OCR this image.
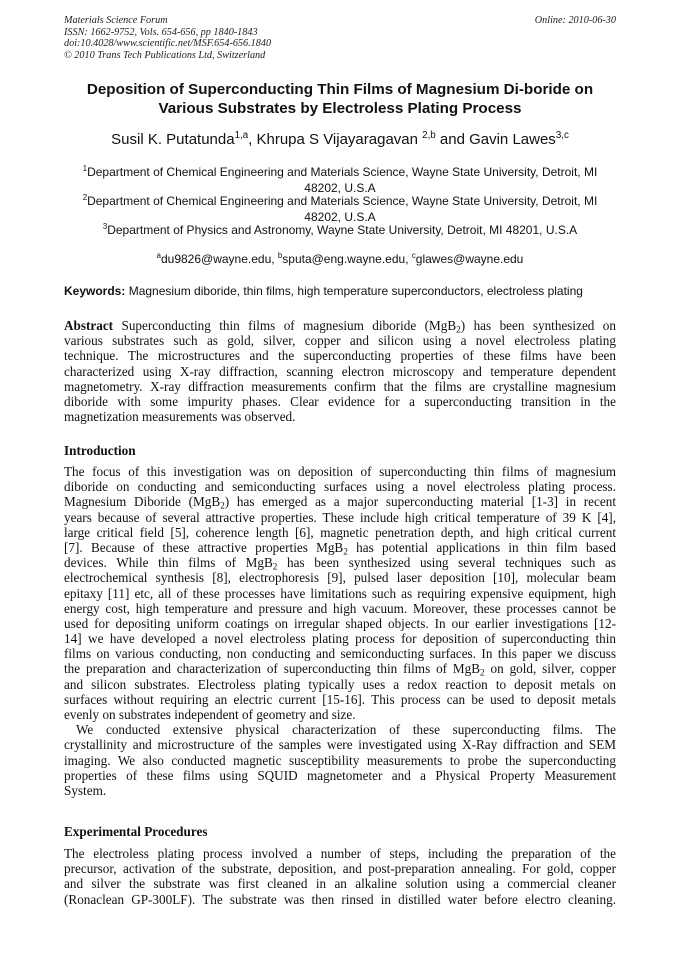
Materials Science Forum
ISSN: 1662-9752, Vols. 654-656, pp 1840-1843
doi:10.4028/www.scientific.net/MSF.654-656.1840
© 2010 Trans Tech Publications Ltd, Switzerland
Online: 2010-06-30
Deposition of Superconducting Thin Films of Magnesium Di-boride on
Various Substrates by Electroless Plating Process
Susil K. Putatunda$^{1,a}$, Khrupa S Vijayaragavan $^{2,b}$ and Gavin Lawes$^{3,c}$
$^1$Department of Chemical Engineering and Materials Science, Wayne State University, Detroit, MI
48202, U.S.A
$^2$Department of Chemical Engineering and Materials Science, Wayne State University, Detroit, MI
48202, U.S.A
$^3$Department of Physics and Astronomy, Wayne State University, Detroit, MI 48201, U.S.A
$^a$du9826@wayne.edu, $^b$sputa@eng.wayne.edu, $^c$glawes@wayne.edu
Keywords: Magnesium diboride, thin films, high temperature superconductors, electroless plating
Abstract Superconducting thin films of magnesium diboride (MgB$_2$) has been synthesized on
various substrates such as gold, silver, copper and silicon using a novel electroless plating
technique. The microstructures and the superconducting properties of these films have been
characterized using X-ray diffraction, scanning electron microscopy and temperature dependent
magnetometry. X-ray diffraction measurements confirm that the films are crystalline magnesium
diboride with some impurity phases. Clear evidence for a superconducting transition in the
magnetization measurements was observed.
Introduction
The focus of this investigation was on deposition of superconducting thin films of magnesium
diboride on conducting and semiconducting surfaces using a novel electroless plating process.
Magnesium Diboride (MgB$_2$) has emerged as a major superconducting material [1-3] in recent
years because of several attractive properties. These include high critical temperature of 39 K [4],
large critical field [5], coherence length [6], magnetic penetration depth, and high critical current
[7]. Because of these attractive properties MgB$_2$ has potential applications in thin film based
devices. While thin films of MgB$_2$ has been synthesized using several techniques such as
electrochemical synthesis [8], electrophoresis [9], pulsed laser deposition [10], molecular beam
epitaxy [11] etc, all of these processes have limitations such as requiring expensive equipment, high
energy cost, high temperature and pressure and high vacuum. Moreover, these processes cannot be
used for depositing uniform coatings on irregular shaped objects. In our earlier investigations [12-
14] we have developed a novel electroless plating process for deposition of superconducting thin
films on various conducting, non conducting and semiconducting surfaces. In this paper we discuss
the preparation and characterization of superconducting thin films of MgB$_2$ on gold, silver, copper
and silicon substrates. Electroless plating typically uses a redox reaction to deposit metals on
surfaces without requiring an electric current [15-16]. This process can be used to deposit metals
evenly on substrates independent of geometry and size.
We conducted extensive physical characterization of these superconducting films. The
crystallinity and microstructure of the samples were investigated using X-Ray diffraction and SEM
imaging. We also conducted magnetic susceptibility measurements to probe the superconducting
properties of these films using SQUID magnetometer and a Physical Property Measurement
System.
Experimental Procedures
The electroless plating process involved a number of steps, including the preparation of the
precursor, activation of the substrate, deposition, and post-preparation annealing. For gold, copper
and silver the substrate was first cleaned in an alkaline solution using a commercial cleaner
(Ronaclean GP-300LF). The substrate was then rinsed in distilled water before electro cleaning.
